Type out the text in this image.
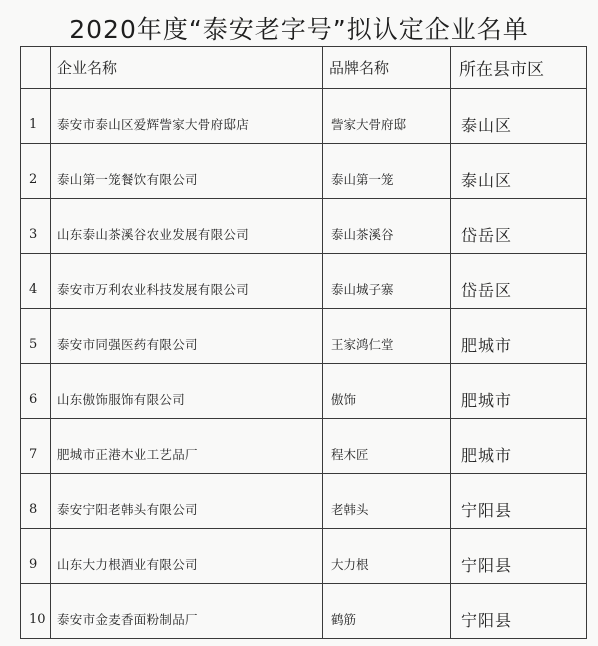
2020年度“泰安老字号”拟认定企业名单
	企业名称	品牌名称	所在县市区
1	泰安市泰山区爱辉訾家大骨府邸店	訾家大骨府邸	泰山区
2	泰山第一笼餐饮有限公司	泰山第一笼	泰山区
3	山东泰山茶溪谷农业发展有限公司	泰山茶溪谷	岱岳区
4	泰安市万利农业科技发展有限公司	泰山城子寨	岱岳区
5	泰安市同强医药有限公司	王家鸿仁堂	肥城市
6	山东傲饰服饰有限公司	傲饰	肥城市
7	肥城市正港木业工艺品厂	程木匠	肥城市
8	泰安宁阳老韩头有限公司	老韩头	宁阳县
9	山东大力根酒业有限公司	大力根	宁阳县
10	泰安市金麦香面粉制品厂	鹤筋	宁阳县
